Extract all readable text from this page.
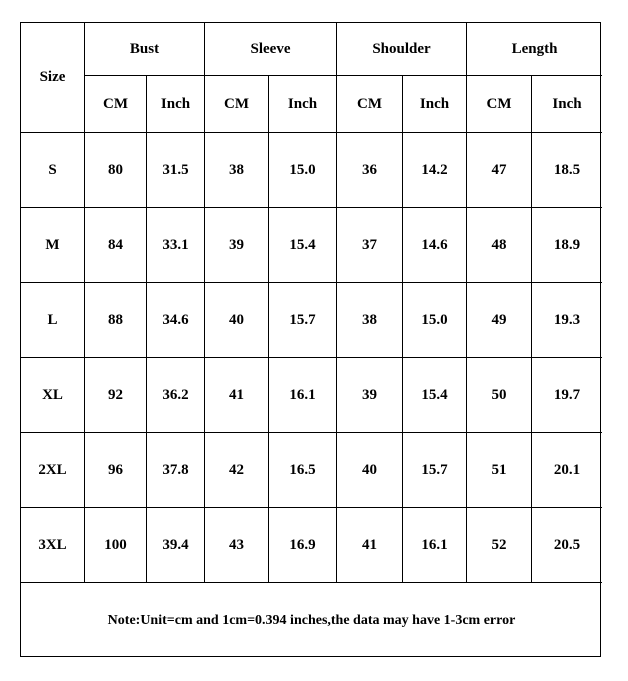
Size
Bust	Sleeve	Shoulder	Length
CM	Inch	CM	Inch	CM	Inch	CM	Inch
S	80	31.5	38	15.0	36	14.2	47	18.5
M	84	33.1	39	15.4	37	14.6	48	18.9
L	88	34.6	40	15.7	38	15.0	49	19.3
XL	92	36.2	41	16.1	39	15.4	50	19.7
2XL	96	37.8	42	16.5	40	15.7	51	20.1
3XL	100	39.4	43	16.9	41	16.1	52	20.5
Note:Unit=cm and 1cm=0.394 inches,the data may have 1-3cm error
